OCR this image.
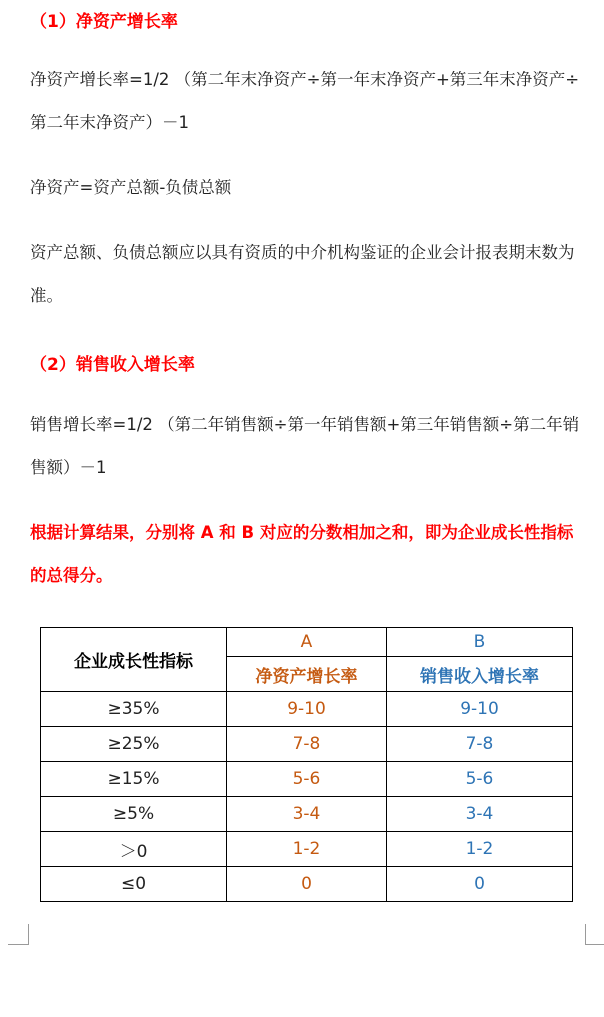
（1）净资产增长率
净资产增长率=1/2 （第二年末净资产÷第一年末净资产+第三年末净资产÷第二年末净资产）－1
净资产=资产总额-负债总额
资产总额、负债总额应以具有资质的中介机构鉴证的企业会计报表期末数为准。
（2）销售收入增长率
销售增长率=1/2 （第二年销售额÷第一年销售额+第三年销售额÷第二年销售额）－1
根据计算结果，分别将 A 和 B 对应的分数相加之和，即为企业成长性指标的总得分。
企业成长性指标	A	B
	净资产增长率	销售收入增长率
≥35%	9-10	9-10
≥25%	7-8	7-8
≥15%	5-6	5-6
≥5%	3-4	3-4
＞0	1-2	1-2
≤0	0	0
